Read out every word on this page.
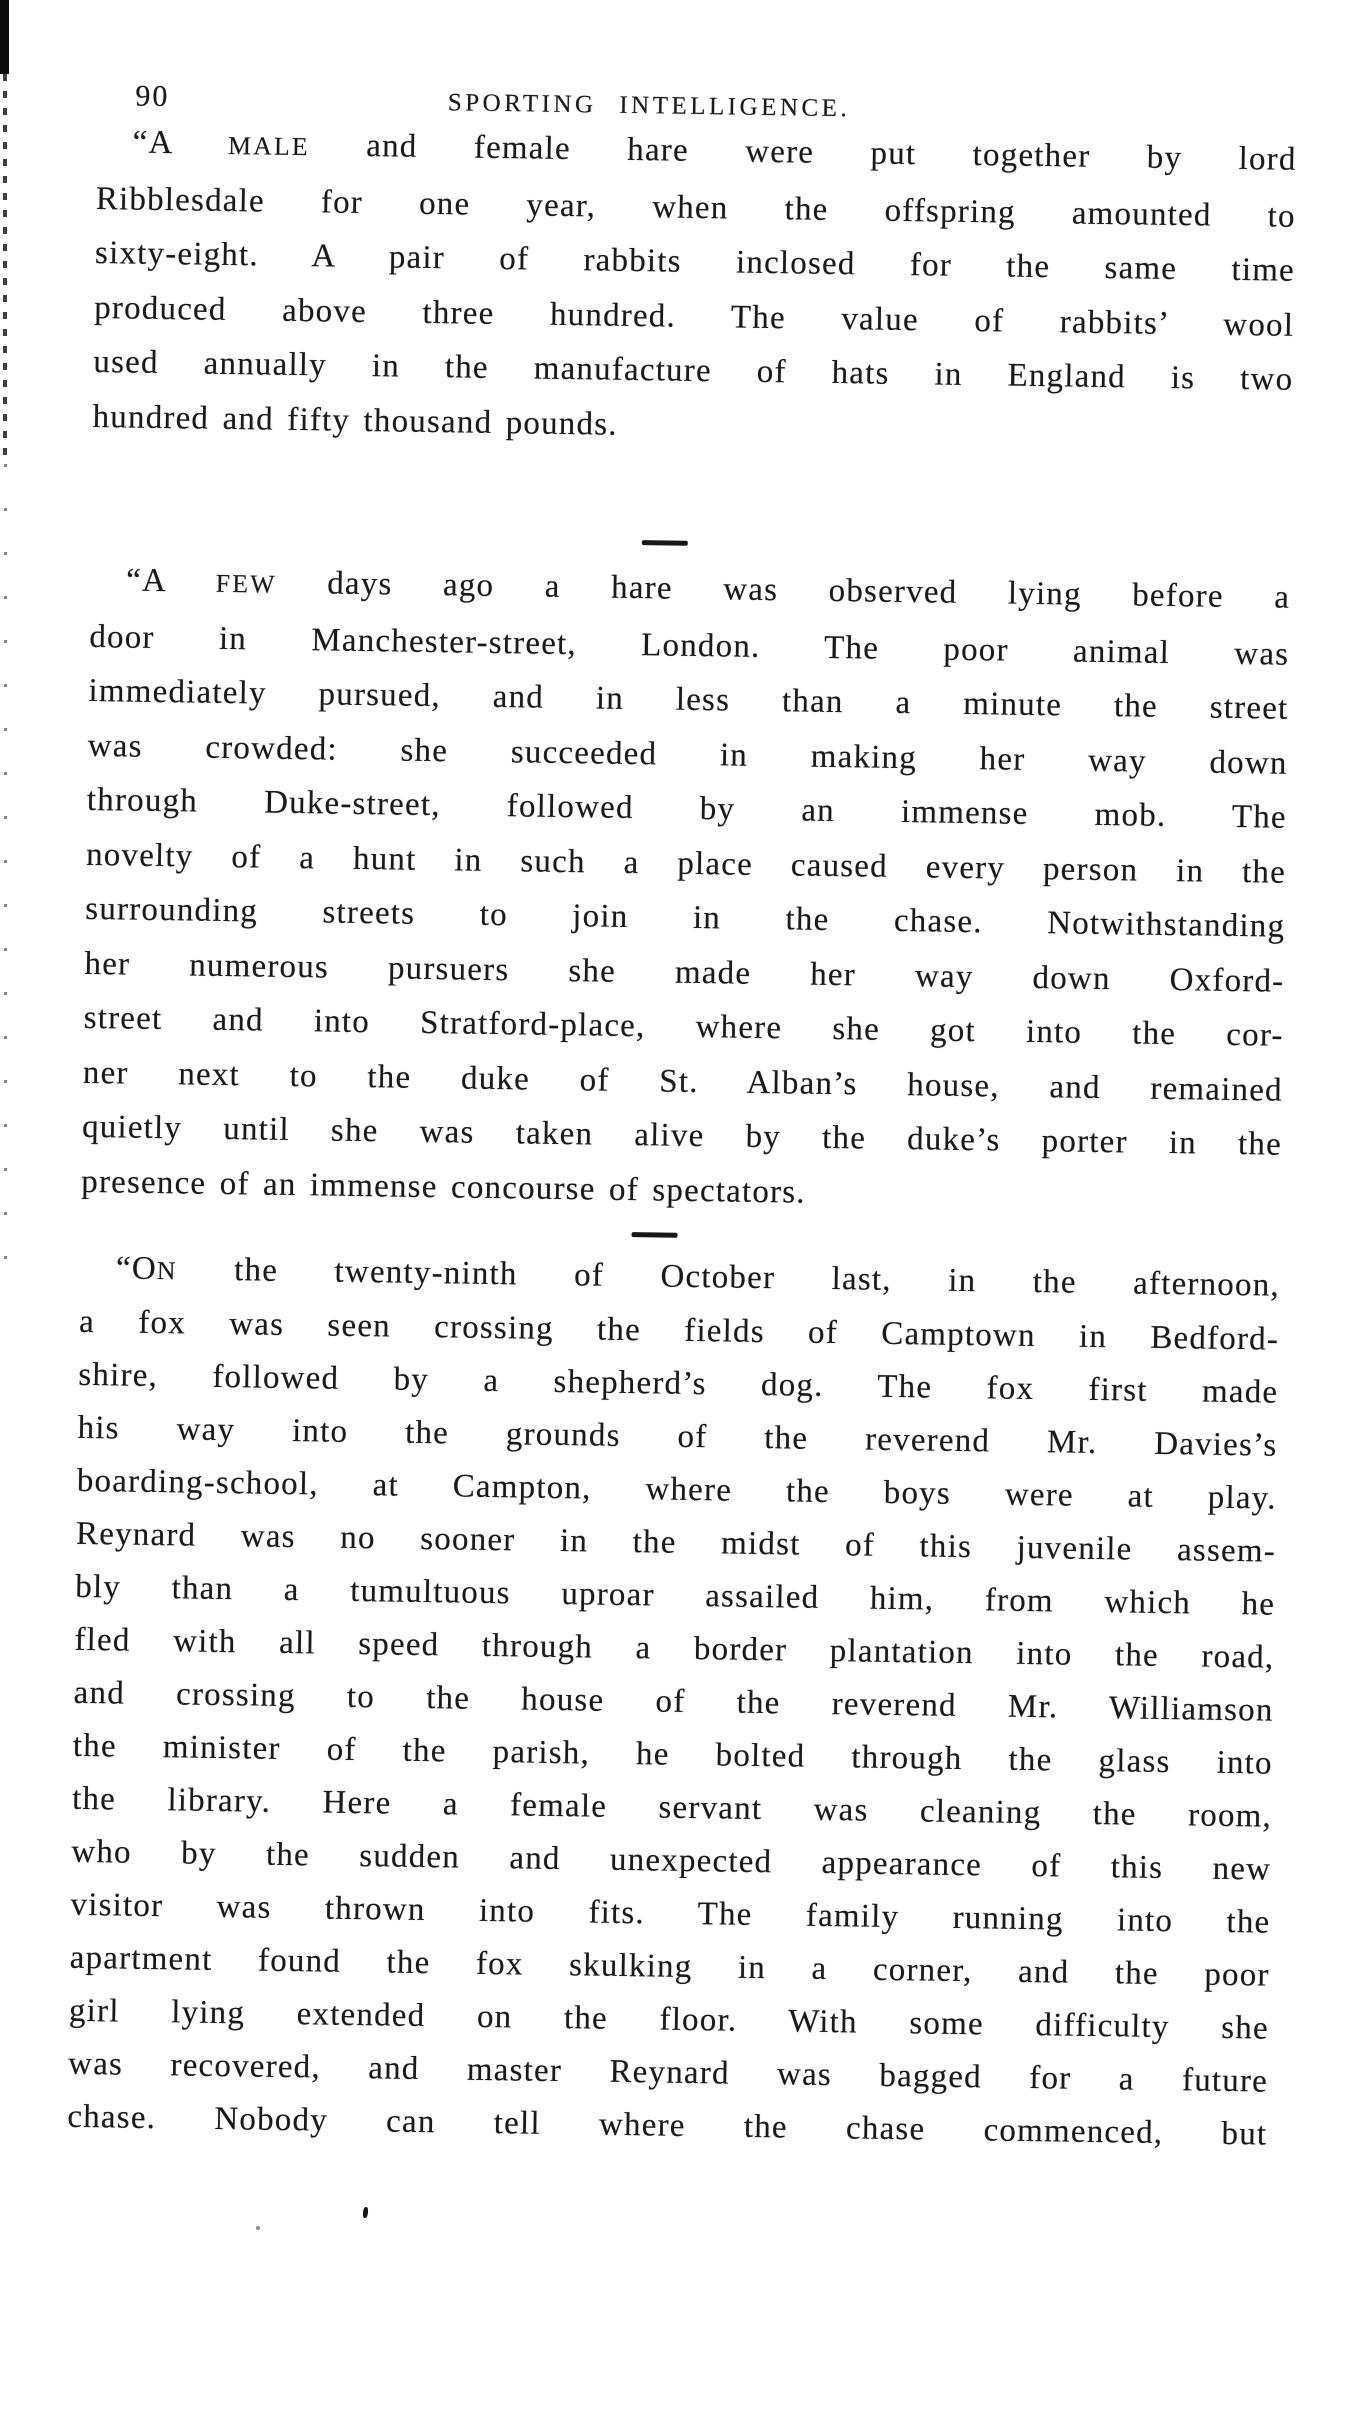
90	SPORTING INTELLIGENCE.

“A MALE and female hare were put together by lord
Ribblesdale for one year, when the offspring amounted to
sixty-eight. A pair of rabbits inclosed for the same time
produced above three hundred. The value of rabbits’ wool
used annually in the manufacture of hats in England is two
hundred and fifty thousand pounds.

“A FEW days ago a hare was observed lying before a
door in Manchester-street, London. The poor animal was
immediately pursued, and in less than a minute the street
was crowded: she succeeded in making her way down
through Duke-street, followed by an immense mob. The
novelty of a hunt in such a place caused every person in the
surrounding streets to join in the chase. Notwithstanding
her numerous pursuers she made her way down Oxford-
street and into Stratford-place, where she got into the cor-
ner next to the duke of St. Alban’s house, and remained
quietly until she was taken alive by the duke’s porter in the
presence of an immense concourse of spectators.

“ON the twenty-ninth of October last, in the afternoon,
a fox was seen crossing the fields of Camptown in Bedford-
shire, followed by a shepherd’s dog. The fox first made
his way into the grounds of the reverend Mr. Davies’s
boarding-school, at Campton, where the boys were at play.
Reynard was no sooner in the midst of this juvenile assem-
bly than a tumultuous uproar assailed him, from which he
fled with all speed through a border plantation into the road,
and crossing to the house of the reverend Mr. Williamson
the minister of the parish, he bolted through the glass into
the library. Here a female servant was cleaning the room,
who by the sudden and unexpected appearance of this new
visitor was thrown into fits. The family running into the
apartment found the fox skulking in a corner, and the poor
girl lying extended on the floor. With some difficulty she
was recovered, and master Reynard was bagged for a future
chase. Nobody can tell where the chase commenced, but
